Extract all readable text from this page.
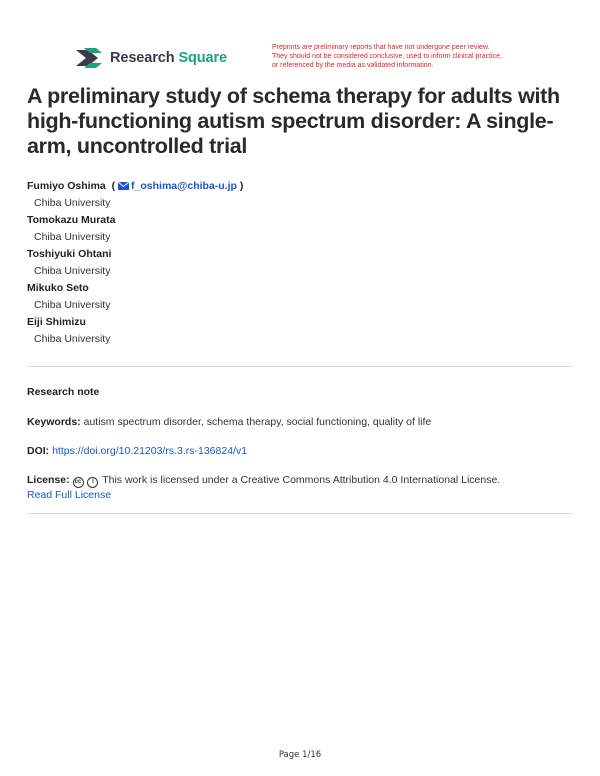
Research Square
Preprints are preliminary reports that have not undergone peer review.
They should not be considered conclusive, used to inform clinical practice,
or referenced by the media as validated information.
A preliminary study of schema therapy for adults with high-functioning autism spectrum disorder: A single-arm, uncontrolled trial
Fumiyo Oshima  ( f_oshima@chiba-u.jp )
Chiba University
Tomokazu Murata
Chiba University
Toshiyuki Ohtani
Chiba University
Mikuko Seto
Chiba University
Eiji Shimizu
Chiba University
Research note
Keywords: autism spectrum disorder, schema therapy, social functioning, quality of life
DOI: https://doi.org/10.21203/rs.3.rs-136824/v1
License: cc i This work is licensed under a Creative Commons Attribution 4.0 International License.
Read Full License
Page 1/16
